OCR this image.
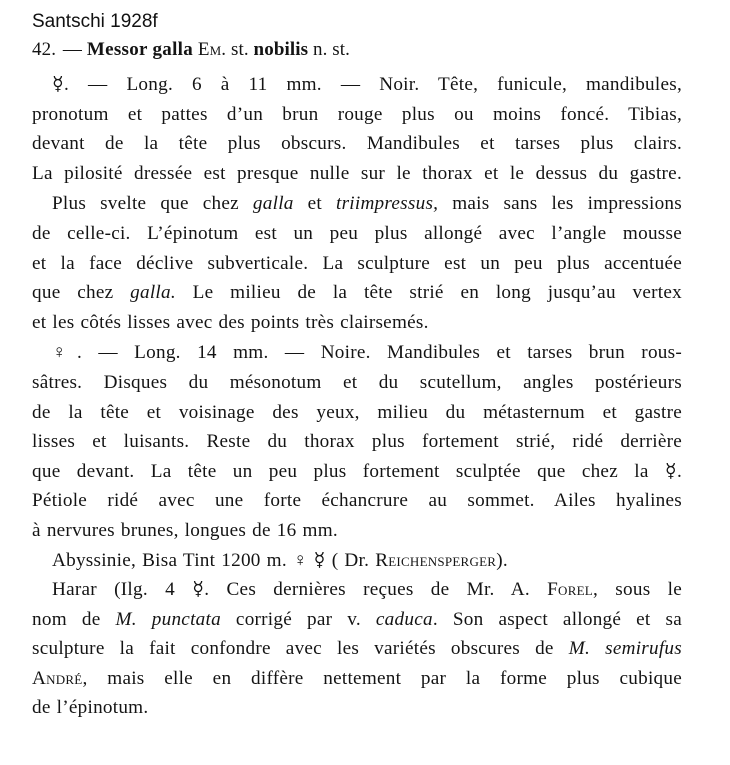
Santschi 1928f
42. — Messor galla Em. st. nobilis n. st.
☿. — Long. 6 à 11 mm. — Noir. Tête, funicule, mandibules,
pronotum et pattes d’un brun rouge plus ou moins foncé. Tibias,
devant de la tête plus obscurs. Mandibules et tarses plus clairs.
La pilosité dressée est presque nulle sur le thorax et le dessus du gastre.
Plus svelte que chez galla et triimpressus, mais sans les impressions
de celle-ci. L’épinotum est un peu plus allongé avec l’angle mousse
et la face déclive subverticale. La sculpture est un peu plus accentuée
que chez galla. Le milieu de la tête strié en long jusqu’au vertex
et les côtés lisses avec des points très clairsemés.
♀. — Long. 14 mm. — Noire. Mandibules et tarses brun rous-
sâtres. Disques du mésonotum et du scutellum, angles postérieurs
de la tête et voisinage des yeux, milieu du métasternum et gastre
lisses et luisants. Reste du thorax plus fortement strié, ridé derrière
que devant. La tête un peu plus fortement sculptée que chez la ☿.
Pétiole ridé avec une forte échancrure au sommet. Ailes hyalines
à nervures brunes, longues de 16 mm.
Abyssinie, Bisa Tint 1200 m. ♀ ☿ ( Dr. Reichensperger).
Harar (Ilg. 4 ☿. Ces dernières reçues de Mr. A. Forel, sous le
nom de M. punctata corrigé par v. caduca. Son aspect allongé et sa
sculpture la fait confondre avec les variétés obscures de M. semirufus
André, mais elle en diffère nettement par la forme plus cubique
de l’épinotum.
